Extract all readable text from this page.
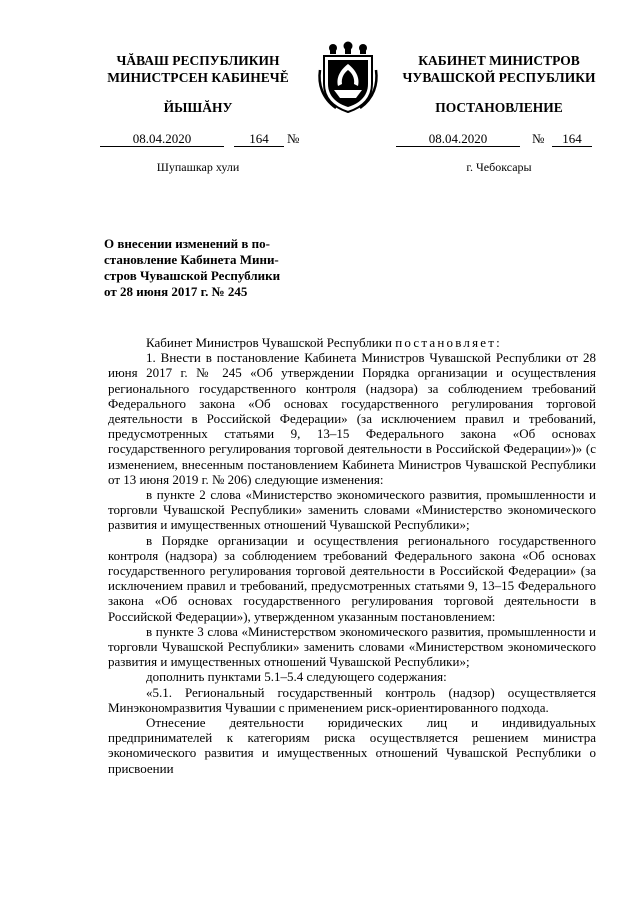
ЧĂВАШ РЕСПУБЛИКИН
МИНИСТРСЕН КАБИНЕЧĚ
ЙЫШĂНУ
КАБИНЕТ МИНИСТРОВ
ЧУВАШСКОЙ РЕСПУБЛИКИ
ПОСТАНОВЛЕНИЕ
08.04.2020	164	№	08.04.2020	№	164
Шупашкар хули	г. Чебоксары
О внесении изменений в по-
становление Кабинета Мини-
стров Чувашской Республики
от 28 июня 2017 г. № 245

Кабинет Министров Чувашской Республики постановляет:

1. Внести в постановление Кабинета Министров Чувашской Республики от 28 июня 2017 г. № 245 «Об утверждении Порядка организации и осуществления регионального государственного контроля (надзора) за соблюдением требований Федерального закона «Об основах государственного регулирования торговой деятельности в Российской Федерации» (за исключением правил и требований, предусмотренных статьями 9, 13–15 Федерального закона «Об основах государственного регулирования торговой деятельности в Российской Федерации»)» (с изменением, внесенным постановлением Кабинета Министров Чувашской Республики от 13 июня 2019 г. № 206) следующие изменения:

в пункте 2 слова «Министерство экономического развития, промышленности и торговли Чувашской Республики» заменить словами «Министерство экономического развития и имущественных отношений Чувашской Республики»;

в Порядке организации и осуществления регионального государственного контроля (надзора) за соблюдением требований Федерального закона «Об основах государственного регулирования торговой деятельности в Российской Федерации» (за исключением правил и требований, предусмотренных статьями 9, 13–15 Федерального закона «Об основах государственного регулирования торговой деятельности в Российской Федерации»), утвержденном указанным постановлением:

в пункте 3 слова «Министерством экономического развития, промышленности и торговли Чувашской Республики» заменить словами «Министерством экономического развития и имущественных отношений Чувашской Республики»;

дополнить пунктами 5.1–5.4 следующего содержания:

«5.1. Региональный государственный контроль (надзор) осуществляется Минэкономразвития Чувашии с применением риск-ориентированного подхода.

Отнесение деятельности юридических лиц и индивидуальных предпринимателей к категориям риска осуществляется решением министра экономического развития и имущественных отношений Чувашской Республики о присвоении
